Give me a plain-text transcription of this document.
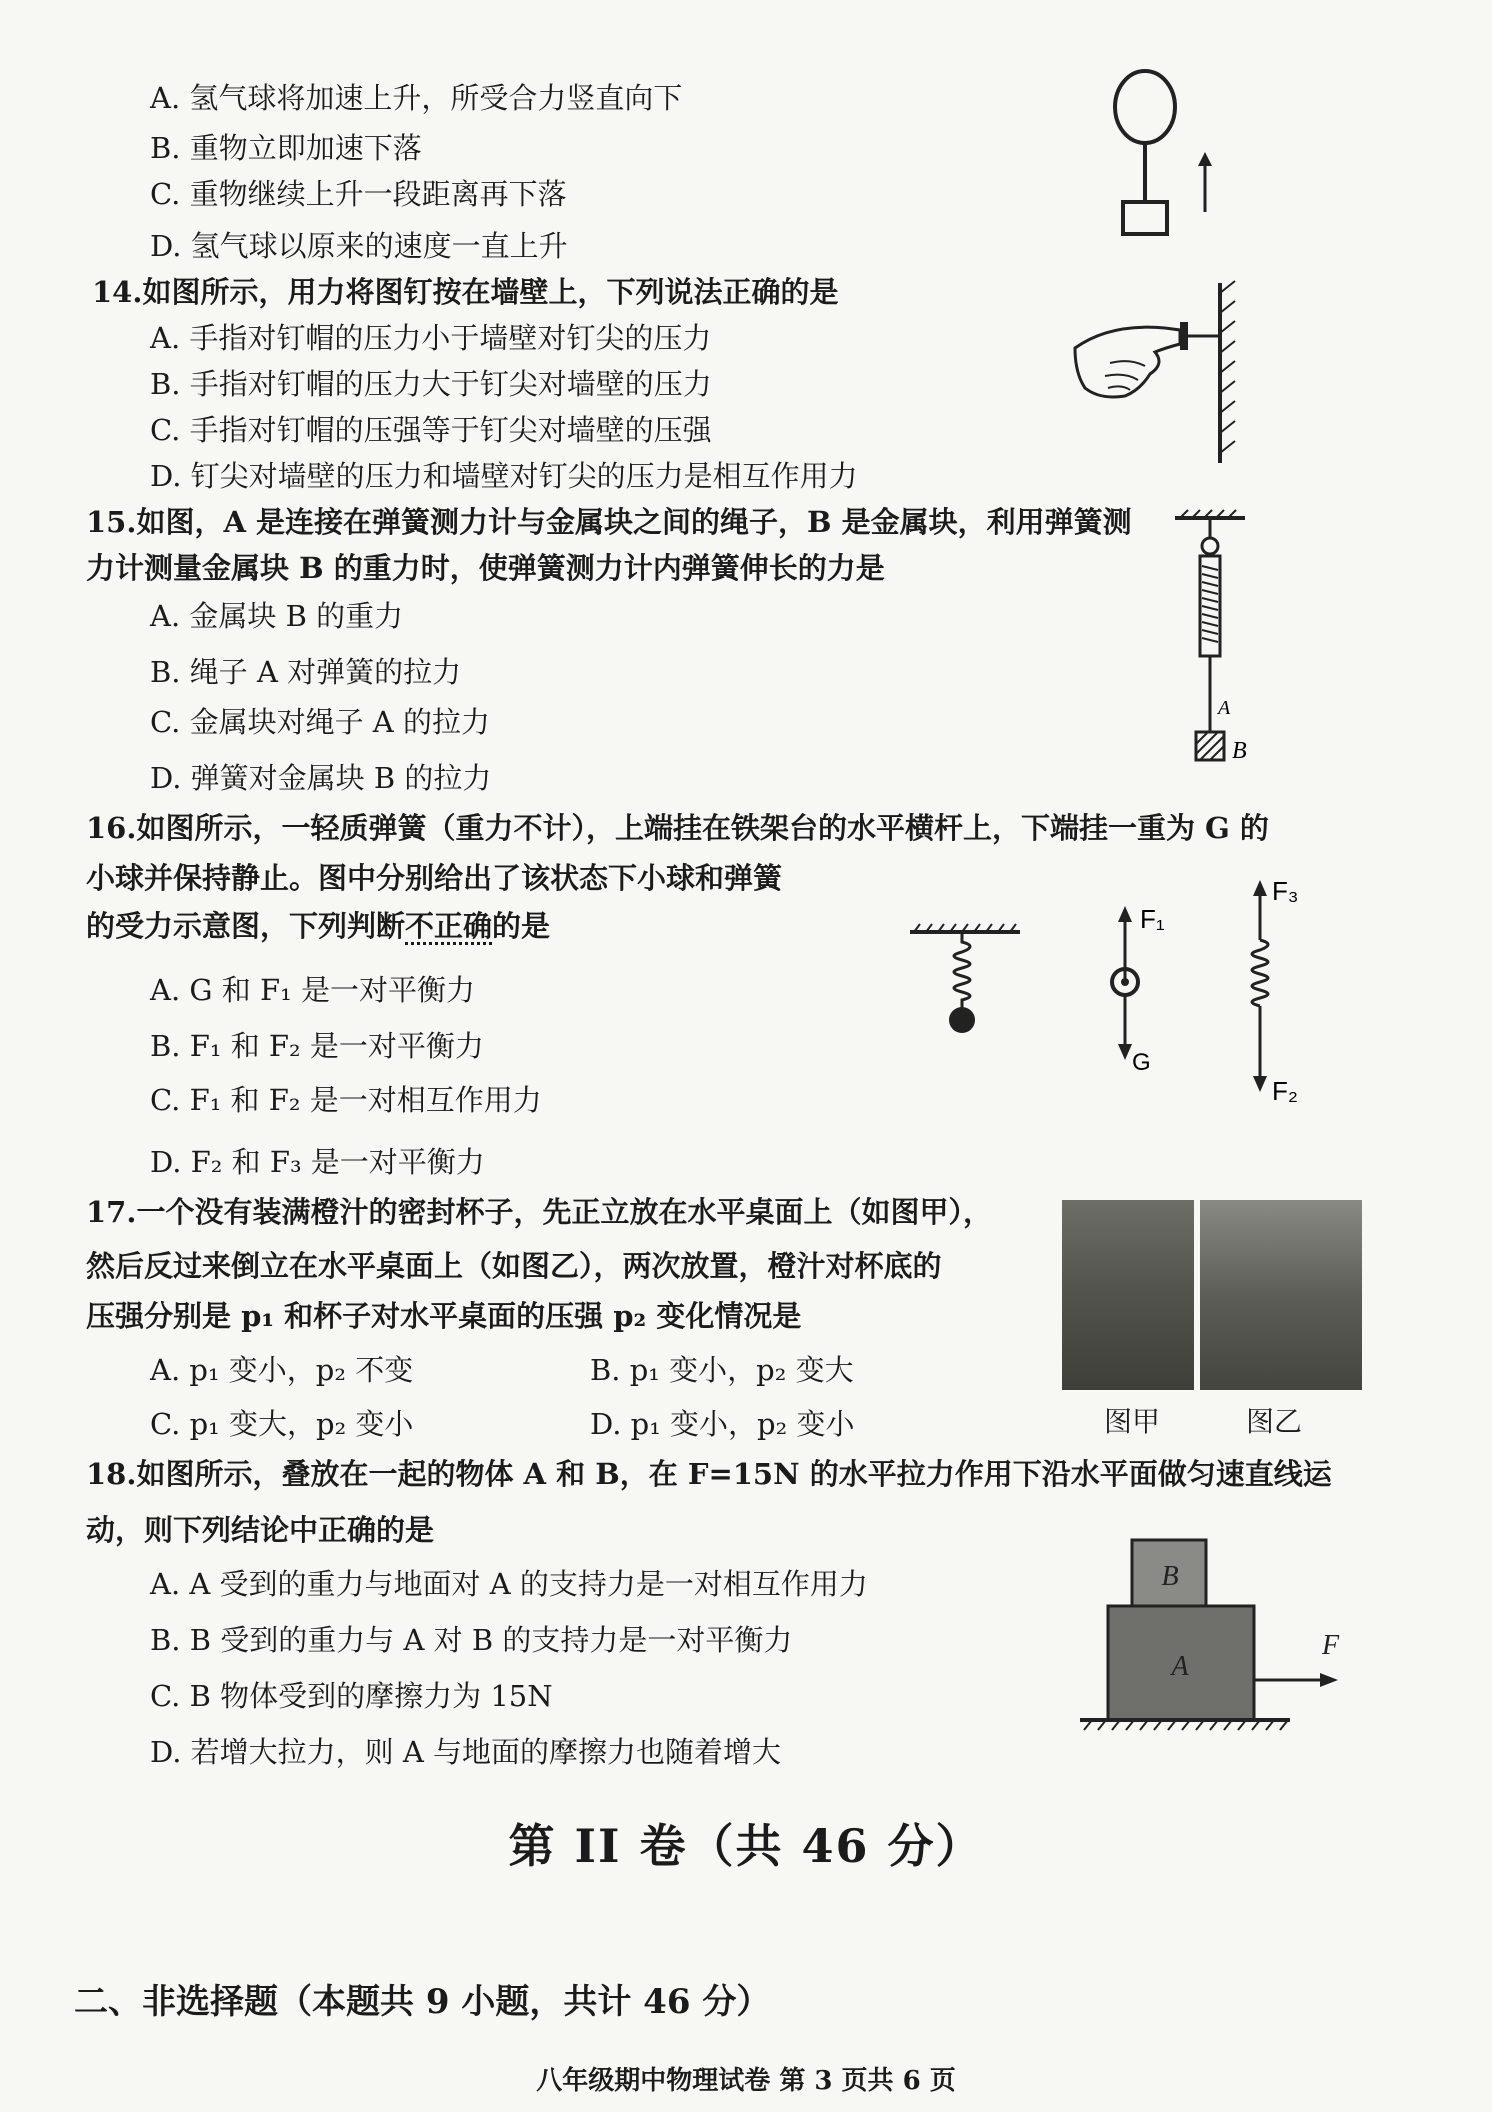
A. 氢气球将加速上升，所受合力竖直向下
B. 重物立即加速下落
C. 重物继续上升一段距离再下落
D. 氢气球以原来的速度一直上升
14.如图所示，用力将图钉按在墙壁上，下列说法正确的是
A. 手指对钉帽的压力小于墙壁对钉尖的压力
B. 手指对钉帽的压力大于钉尖对墙壁的压力
C. 手指对钉帽的压强等于钉尖对墙壁的压强
D. 钉尖对墙壁的压力和墙壁对钉尖的压力是相互作用力
15.如图，A 是连接在弹簧测力计与金属块之间的绳子，B 是金属块，利用弹簧测
力计测量金属块 B 的重力时，使弹簧测力计内弹簧伸长的力是
A. 金属块 B 的重力
B. 绳子 A 对弹簧的拉力
C. 金属块对绳子 A 的拉力
D. 弹簧对金属块 B 的拉力
A
B
16.如图所示，一轻质弹簧（重力不计），上端挂在铁架台的水平横杆上，下端挂一重为 G 的
小球并保持静止。图中分别给出了该状态下小球和弹簧
的受力示意图，下列判断不正确的是
A. G 和 F₁ 是一对平衡力
B. F₁ 和 F₂ 是一对平衡力
C. F₁ 和 F₂ 是一对相互作用力
D. F₂ 和 F₃ 是一对平衡力
F₁
G
F₃
F₂
17.一个没有装满橙汁的密封杯子，先正立放在水平桌面上（如图甲），
然后反过来倒立在水平桌面上（如图乙），两次放置，橙汁对杯底的
压强分别是 p₁ 和杯子对水平桌面的压强 p₂ 变化情况是
A. p₁ 变小，p₂ 不变	B. p₁ 变小，p₂ 变大
C. p₁ 变大，p₂ 变小	D. p₁ 变小，p₂ 变小	图甲	图乙
18.如图所示，叠放在一起的物体 A 和 B，在 F=15N 的水平拉力作用下沿水平面做匀速直线运
动，则下列结论中正确的是
A. A 受到的重力与地面对 A 的支持力是一对相互作用力
B. B 受到的重力与 A 对 B 的支持力是一对平衡力
C. B 物体受到的摩擦力为 15N
D. 若增大拉力，则 A 与地面的摩擦力也随着增大
B
A
F
第 II 卷（共 46 分）
二、非选择题（本题共 9 小题，共计 46 分）
八年级期中物理试卷 第 3 页共 6 页
